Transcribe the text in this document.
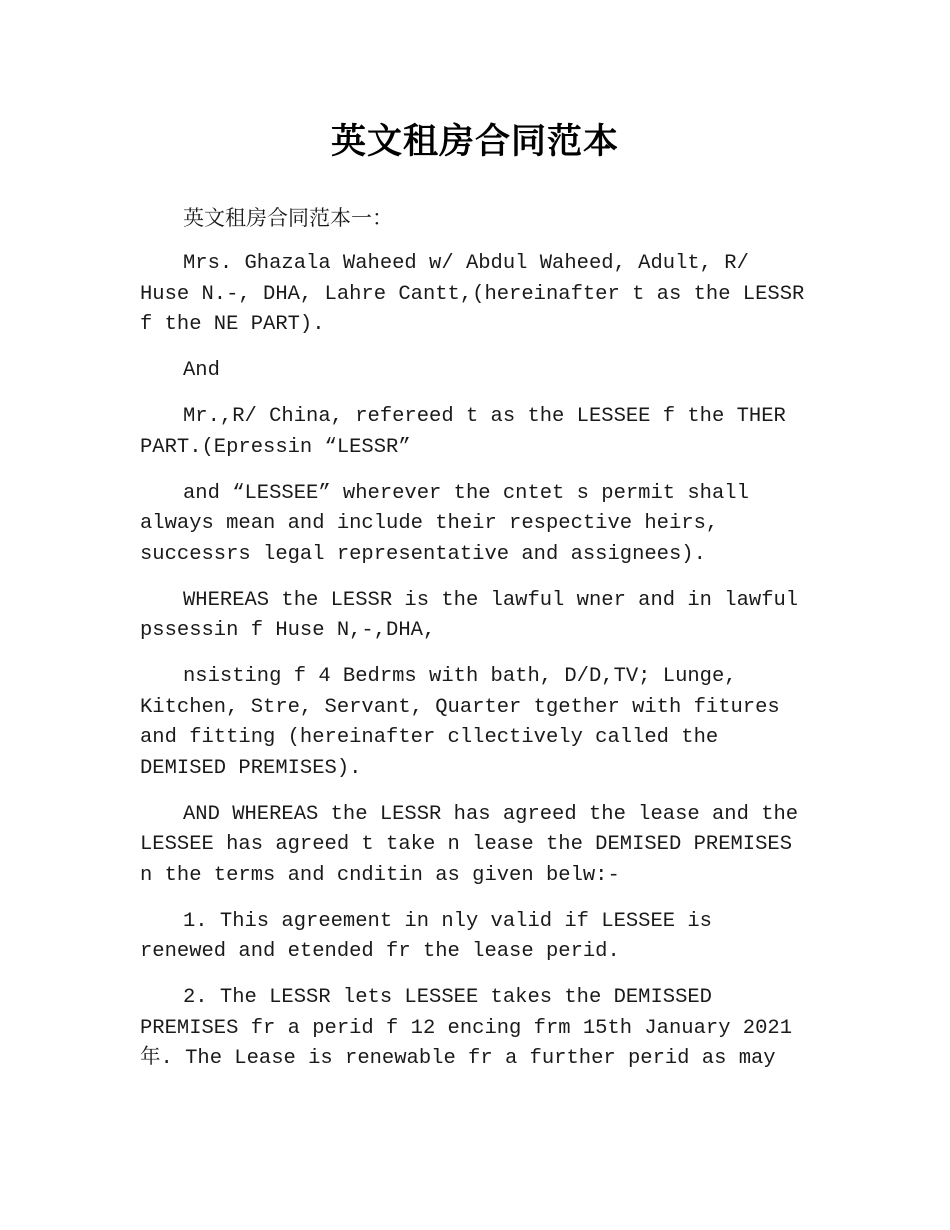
英文租房合同范本
英文租房合同范本一：
Mrs. Ghazala Waheed w/ Abdul Waheed, Adult, R/
Huse N.-, DHA, Lahre Cantt,(hereinafter t as the LESSR
f the NE PART).
And
Mr.,R/ China, refereed t as the LESSEE f the THER
PART.(Epressin “LESSR”
and “LESSEE” wherever the cntet s permit shall
always mean and include their respective heirs,
successrs legal representative and assignees).
WHEREAS the LESSR is the lawful wner and in lawful
pssessin f Huse N,-,DHA,
nsisting f 4 Bedrms with bath, D/D,TV; Lunge,
Kitchen, Stre, Servant, Quarter tgether with fitures
and fitting (hereinafter cllectively called the
DEMISED PREMISES).
AND WHEREAS the LESSR has agreed the lease and the
LESSEE has agreed t take n lease the DEMISED PREMISES
n the terms and cnditin as given belw:-
1. This agreement in nly valid if LESSEE is
renewed and etended fr the lease perid.
2. The LESSR lets LESSEE takes the DEMISSED
PREMISES fr a perid f 12 encing frm 15th January 2021
年. The Lease is renewable fr a further perid as may
